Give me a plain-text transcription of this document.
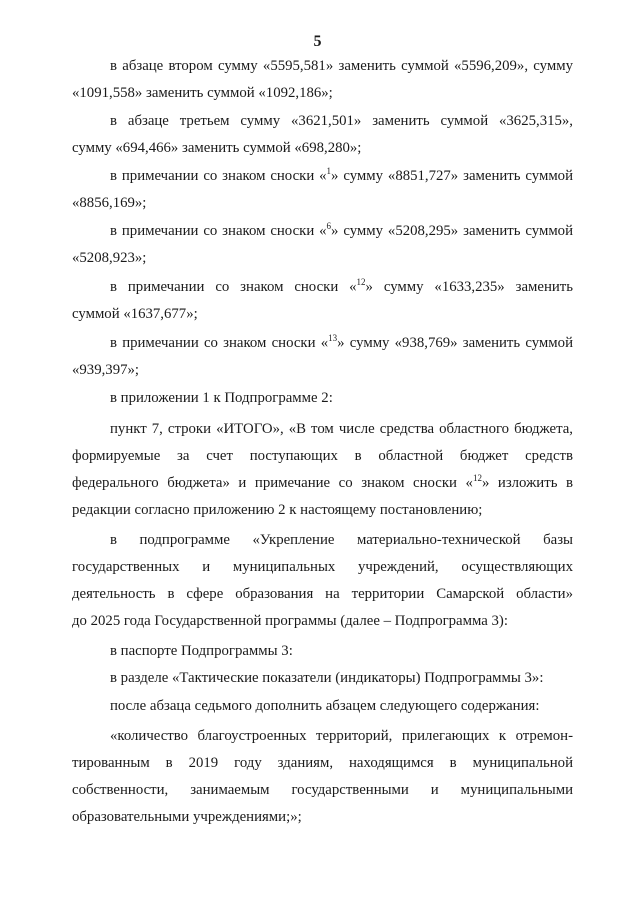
5
в абзаце втором сумму «5595,581» заменить суммой «5596,209», сумму
«1091,558» заменить суммой «1092,186»;
в абзаце третьем сумму «3621,501» заменить суммой «3625,315»,
сумму «694,466» заменить суммой «698,280»;
в примечании со знаком сноски «$^1$» сумму «8851,727» заменить суммой
«8856,169»;
в примечании со знаком сноски «$^6$» сумму «5208,295» заменить суммой
«5208,923»;
в примечании со знаком сноски «$^{12}$» сумму «1633,235» заменить
суммой «1637,677»;
в примечании со знаком сноски «$^{13}$» сумму «938,769» заменить суммой
«939,397»;
в приложении 1 к Подпрограмме 2:
пункт 7, строки «ИТОГО», «В том числе средства областного бюджета,
формируемые за счет поступающих в областной бюджет средств
федерального бюджета» и примечание со знаком сноски «$^{12}$» изложить в
редакции согласно приложению 2 к настоящему постановлению;
в подпрограмме «Укрепление материально-технической базы
государственных и муниципальных учреждений, осуществляющих
деятельность в сфере образования на территории Самарской области»
до 2025 года Государственной программы (далее – Подпрограмма 3):
в паспорте Подпрограммы 3:
в разделе «Тактические показатели (индикаторы) Подпрограммы 3»:
после абзаца седьмого дополнить абзацем следующего содержания:
«количество благоустроенных территорий, прилегающих к отремон-
тированным в 2019 году зданиям, находящимся в муниципальной
собственности, занимаемым государственными и муниципальными
образовательными учреждениями;»;
